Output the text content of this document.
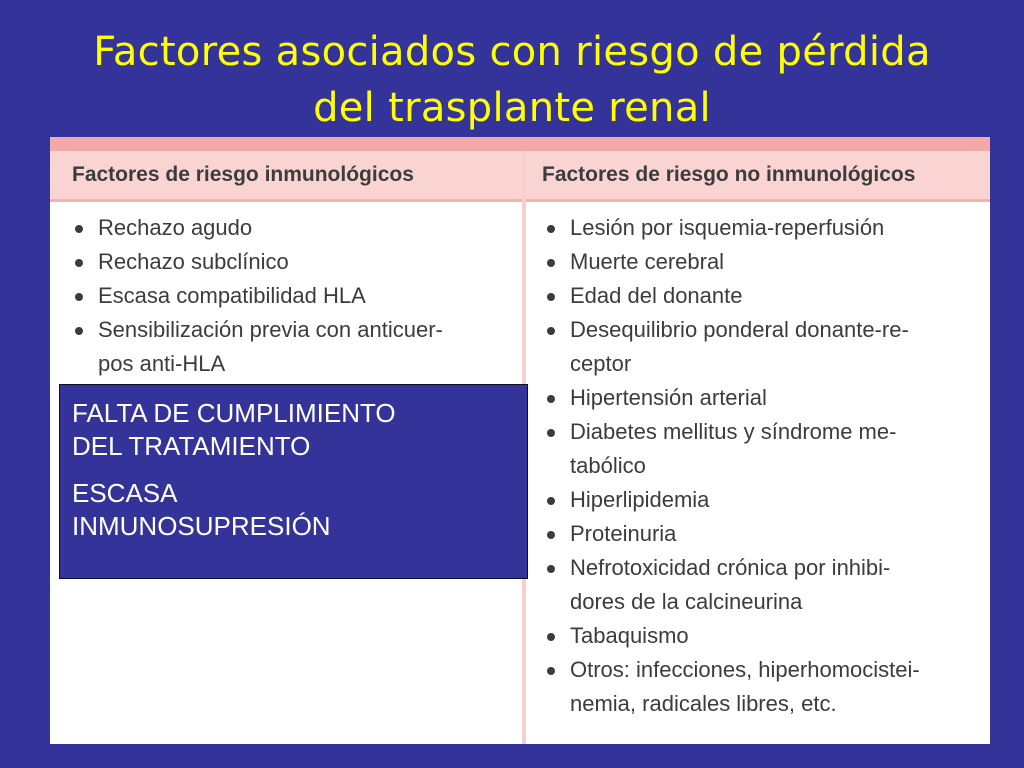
Factores asociados con riesgo de pérdida
del trasplante renal
Factores de riesgo inmunológicos	Factores de riesgo no inmunológicos
Rechazo agudo
Rechazo subclínico
Escasa compatibilidad HLA
Sensibilización previa con anticuer-
pos anti-HLA
Lesión por isquemia-reperfusión
Muerte cerebral
Edad del donante
Desequilibrio ponderal donante-re-
ceptor
Hipertensión arterial
Diabetes mellitus y síndrome me-
tabólico
Hiperlipidemia
Proteinuria
Nefrotoxicidad crónica por inhibi-
dores de la calcineurina
Tabaquismo
Otros: infecciones, hiperhomocistei-
nemia, radicales libres, etc.

FALTA DE CUMPLIMIENTO
DEL TRATAMIENTO

ESCASA
INMUNOSUPRESIÓN
